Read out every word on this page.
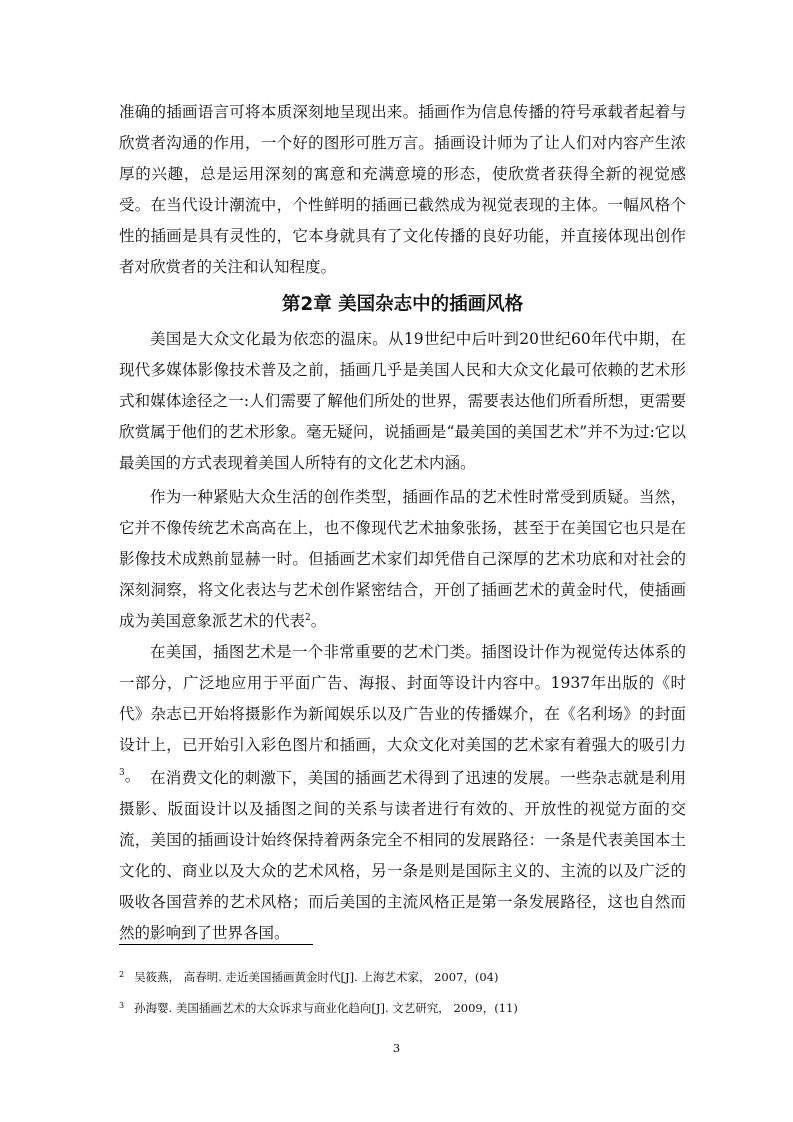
准确的插画语言可将本质深刻地呈现出来。插画作为信息传播的符号承载者起着与欣赏者沟通的作用，一个好的图形可胜万言。插画设计师为了让人们对内容产生浓厚的兴趣，总是运用深刻的寓意和充满意境的形态，使欣赏者获得全新的视觉感受。在当代设计潮流中，个性鲜明的插画已截然成为视觉表现的主体。一幅风格个性的插画是具有灵性的，它本身就具有了文化传播的良好功能，并直接体现出创作者对欣赏者的关注和认知程度。

第2章 美国杂志中的插画风格

美国是大众文化最为依恋的温床。从19世纪中后叶到20世纪60年代中期，在现代多媒体影像技术普及之前，插画几乎是美国人民和大众文化最可依赖的艺术形式和媒体途径之一:人们需要了解他们所处的世界，需要表达他们所看所想，更需要欣赏属于他们的艺术形象。毫无疑问，说插画是“最美国的美国艺术”并不为过:它以最美国的方式表现着美国人所特有的文化艺术内涵。

作为一种紧贴大众生活的创作类型，插画作品的艺术性时常受到质疑。当然，它并不像传统艺术高高在上，也不像现代艺术抽象张扬，甚至于在美国它也只是在影像技术成熟前显赫一时。但插画艺术家们却凭借自己深厚的艺术功底和对社会的深刻洞察，将文化表达与艺术创作紧密结合，开创了插画艺术的黄金时代，使插画成为美国意象派艺术的代表$^2$。

在美国，插图艺术是一个非常重要的艺术门类。插图设计作为视觉传达体系的一部分，广泛地应用于平面广告、海报、封面等设计内容中。1937年出版的《时代》杂志已开始将摄影作为新闻娱乐以及广告业的传播媒介，在《名利场》的封面设计上，已开始引入彩色图片和插画，大众文化对美国的艺术家有着强大的吸引力$^3$。 在消费文化的刺激下，美国的插画艺术得到了迅速的发展。一些杂志就是利用摄影、版面设计以及插图之间的关系与读者进行有效的、开放性的视觉方面的交流，美国的插画设计始终保持着两条完全不相同的发展路径：一条是代表美国本土文化的、商业以及大众的艺术风格，另一条是则是国际主义的、主流的以及广泛的吸收各国营养的艺术风格；而后美国的主流风格正是第一条发展路径，这也自然而然的影响到了世界各国。

$^2$ 吴筱燕， 高春明. 走近美国插画黄金时代[J]. 上海艺术家， 2007，(04)
$^3$ 孙海婴. 美国插画艺术的大众诉求与商业化趋向[J]. 文艺研究， 2009，(11)
3
